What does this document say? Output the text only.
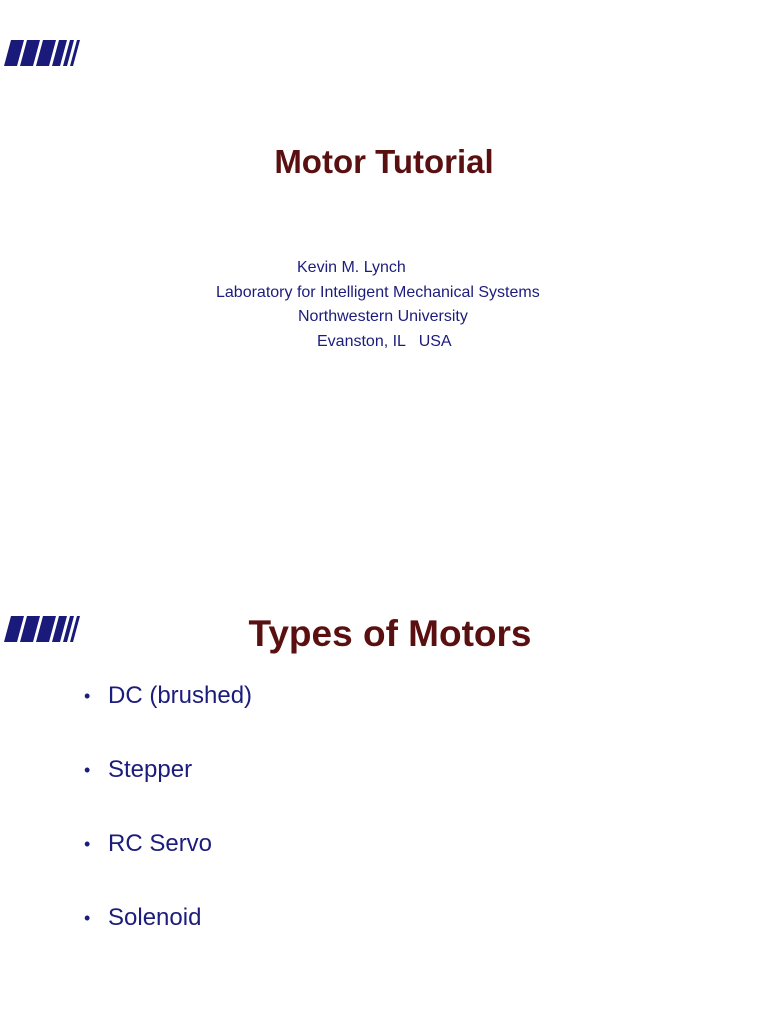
Motor Tutorial
Kevin M. Lynch
Laboratory for Intelligent Mechanical Systems
Northwestern University
Evanston, IL   USA
Types of Motors
• DC (brushed)
• Stepper
• RC Servo
• Solenoid
